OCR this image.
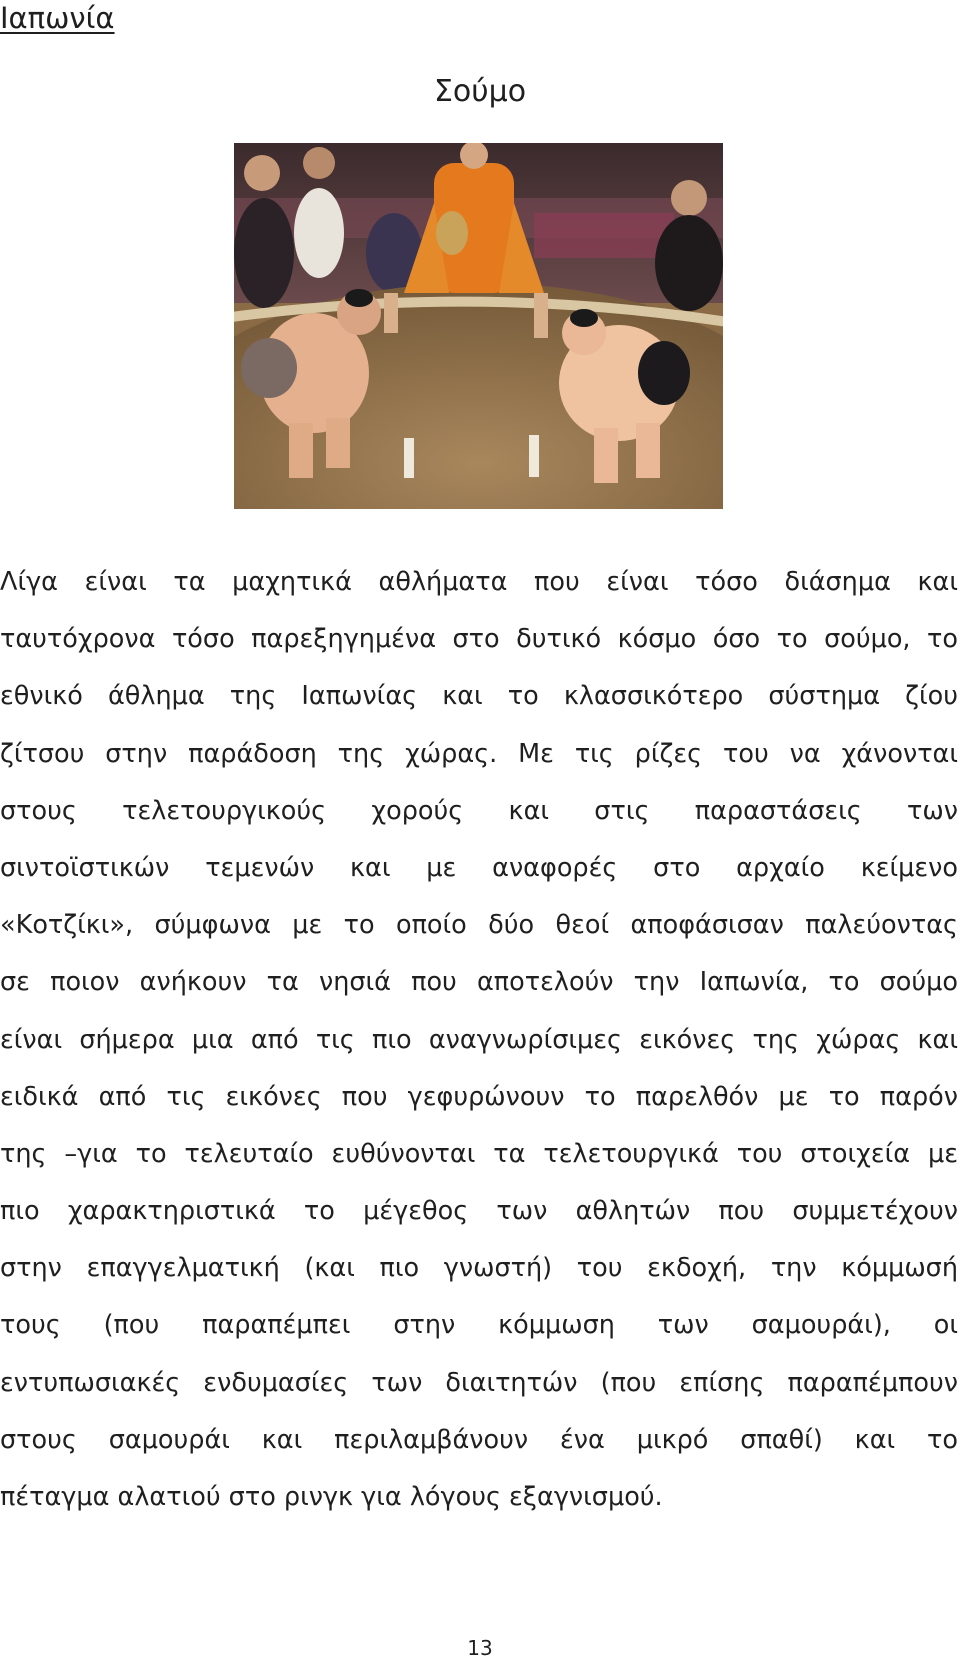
Ιαπωνία
Σούμο
Λίγα είναι τα μαχητικά αθλήματα που είναι τόσο διάσημα και
ταυτόχρονα τόσο παρεξηγημένα στο δυτικό κόσμο όσο το σούμο, το
εθνικό άθλημα της Ιαπωνίας και το κλασσικότερο σύστημα ζίου
ζίτσου στην παράδοση της χώρας. Με τις ρίζες του να χάνονται
στους τελετουργικούς χορούς και στις παραστάσεις των
σιντοϊστικών τεμενών και με αναφορές στο αρχαίο κείμενο
«Κοτζίκι», σύμφωνα με το οποίο δύο θεοί αποφάσισαν παλεύοντας
σε ποιον ανήκουν τα νησιά που αποτελούν την Ιαπωνία, το σούμο
είναι σήμερα μια από τις πιο αναγνωρίσιμες εικόνες της χώρας και
ειδικά από τις εικόνες που γεφυρώνουν το παρελθόν με το παρόν
της –για το τελευταίο ευθύνονται τα τελετουργικά του στοιχεία με
πιο χαρακτηριστικά το μέγεθος των αθλητών που συμμετέχουν
στην επαγγελματική (και πιο γνωστή) του εκδοχή, την κόμμωσή
τους (που παραπέμπει στην κόμμωση των σαμουράι), οι
εντυπωσιακές ενδυμασίες των διαιτητών (που επίσης παραπέμπουν
στους σαμουράι και περιλαμβάνουν ένα μικρό σπαθί) και το
πέταγμα αλατιού στο ρινγκ για λόγους εξαγνισμού.
13
